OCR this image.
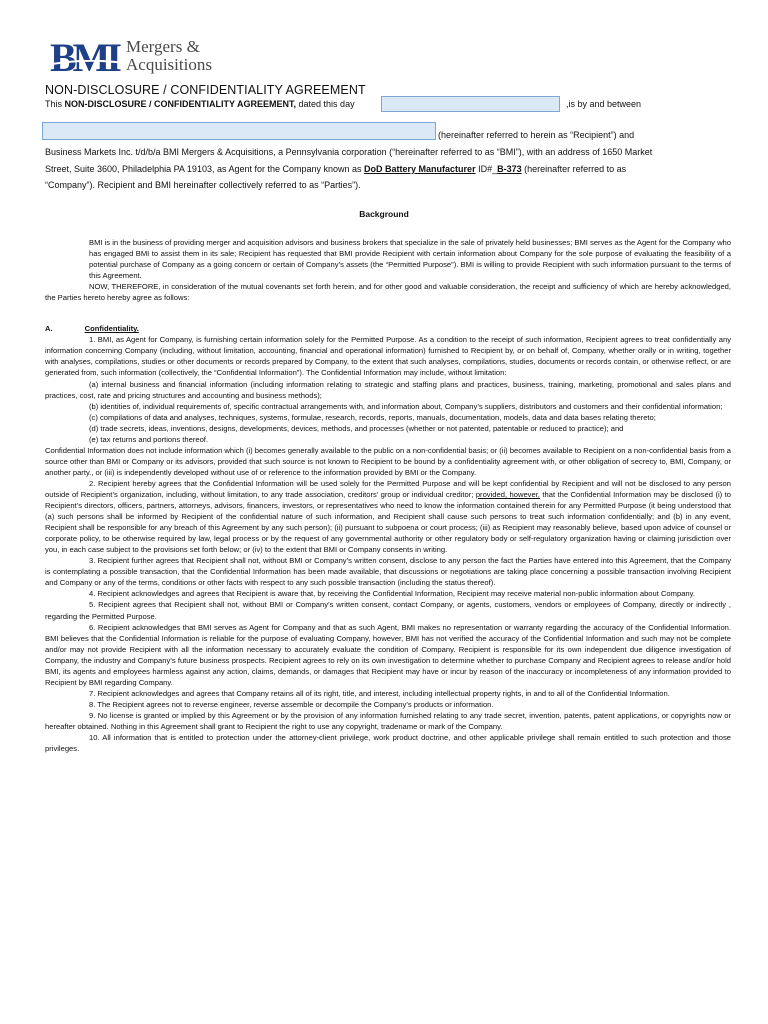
BMI Mergers &
Acquisitions
NON-DISCLOSURE / CONFIDENTIALITY AGREEMENT
This NON-DISCLOSURE / CONFIDENTIALITY AGREEMENT, dated this day	,is by and between
(hereinafter referred to herein as “Recipient”) and
Business Markets Inc. t/d/b/a BMI Mergers & Acquisitions, a Pennsylvania corporation (“hereinafter referred to as “BMI”), with an address of 1650 Market
Street, Suite 3600, Philadelphia PA 19103, as Agent for the Company known as DoD Battery Manufacturer ID#_B-373 (hereinafter referred to as
“Company”). Recipient and BMI hereinafter collectively referred to as “Parties”).
Background

BMI is in the business of providing merger and acquisition advisors and business brokers that specialize in the sale of privately held businesses; BMI serves as the Agent for the Company who has engaged BMI to assist them in its sale; Recipient has requested that BMI provide Recipient with certain information about Company for the sole purpose of evaluating the feasibility of a potential purchase of Company as a going concern or certain of Company’s assets (the “Permitted Purpose”). BMI is willing to provide Recipient with such information pursuant to the terms of this Agreement.

NOW, THEREFORE, in consideration of the mutual covenants set forth herein, and for other good and valuable consideration, the receipt and sufficiency of which are hereby acknowledged, the Parties hereto hereby agree as follows:

A.	Confidentiality.

1. BMI, as Agent for Company, is furnishing certain information solely for the Permitted Purpose. As a condition to the receipt of such information, Recipient agrees to treat confidentially any information concerning Company (including, without limitation, accounting, financial and operational information) furnished to Recipient by, or on behalf of, Company, whether orally or in writing, together with analyses, compilations, studies or other documents or records prepared by Company, to the extent that such analyses, compilations, studies, documents or records contain, or otherwise reflect, or are generated from, such information (collectively, the “Confidential Information”). The Confidential Information may include, without limitation:

(a) internal business and financial information (including information relating to strategic and staffing plans and practices, business, training, marketing, promotional and sales plans and practices, cost, rate and pricing structures and accounting and business methods);

(b) identities of, individual requirements of, specific contractual arrangements with, and information about, Company’s suppliers, distributors and customers and their confidential information;

(c) compilations of data and analyses, techniques, systems, formulae, research, records, reports, manuals, documentation, models, data and data bases relating thereto;

(d) trade secrets, ideas, inventions, designs, developments, devices, methods, and processes (whether or not patented, patentable or reduced to practice); and

(e) tax returns and portions thereof.

Confidential Information does not include information which (i) becomes generally available to the public on a non-confidential basis; or (ii) becomes available to Recipient on a non-confidential basis from a source other than BMI or Company or its advisors, provided that such source is not known to Recipient to be bound by a confidentiality agreement with, or other obligation of secrecy to, BMI, Company, or another party., or (iii) is independently developed without use of or reference to the information provided by BMI or the Company.

2. Recipient hereby agrees that the Confidential Information will be used solely for the Permitted Purpose and will be kept confidential by Recipient and will not be disclosed to any person outside of Recipient’s organization, including, without limitation, to any trade association, creditors’ group or individual creditor; provided, however, that the Confidential Information may be disclosed (i) to Recipient’s directors, officers, partners, attorneys, advisors, financers, investors, or representatives who need to know the information contained therein for any Permitted Purpose (it being understood that (a) such persons shall be informed by Recipient of the confidential nature of such information, and Recipient shall cause such persons to treat such information confidentially; and (b) in any event, Recipient shall be responsible for any breach of this Agreement by any such person); (ii) pursuant to subpoena or court process; (iii) as Recipient may reasonably believe, based upon advice of counsel or corporate policy, to be otherwise required by law, legal process or by the request of any governmental authority or other regulatory body or self-regulatory organization having or claiming jurisdiction over you, in each case subject to the provisions set forth below; or (iv) to the extent that BMI or Company consents in writing.

3. Recipient further agrees that Recipient shall not, without BMI or Company’s written consent, disclose to any person the fact the Parties have entered into this Agreement, that the Company is contemplating a possible transaction, that the Confidential Information has been made available, that discussions or negotiations are taking place concerning a possible transaction involving Recipient and Company or any of the terms, conditions or other facts with respect to any such possible transaction (including the status thereof).

4. Recipient acknowledges and agrees that Recipient is aware that, by receiving the Confidential Information, Recipient may receive material non-public information about Company.

5. Recipient agrees that Recipient shall not, without BMI or Company’s written consent, contact Company, or agents, customers, vendors or employees of Company, directly or indirectly , regarding the Permitted Purpose.

6. Recipient acknowledges that BMI serves as Agent for Company and that as such Agent, BMI makes no representation or warranty regarding the accuracy of the Confidential Information. BMI believes that the Confidential Information is reliable for the purpose of evaluating Company, however, BMI has not verified the accuracy of the Confidential Information and such may not be complete and/or may not provide Recipient with all the information necessary to accurately evaluate the condition of Company. Recipient is responsible for its own independent due diligence investigation of Company, the industry and Company’s future business prospects. Recipient agrees to rely on its own investigation to determine whether to purchase Company and Recipient agrees to release and/or hold BMI, its agents and employees harmless against any action, claims, demands, or damages that Recipient may have or incur by reason of the inaccuracy or incompleteness of any information provided to Recipient by BMI regarding Company.

7. Recipient acknowledges and agrees that Company retains all of its right, title, and interest, including intellectual property rights, in and to all of the Confidential Information.

8. The Recipient agrees not to reverse engineer, reverse assemble or decompile the Company’s products or information.

9. No license is granted or implied by this Agreement or by the provision of any information furnished relating to any trade secret, invention, patents, patent applications, or copyrights now or hereafter obtained. Nothing in this Agreement shall grant to Recipient the right to use any copyright, tradename or mark of the Company.

10. All information that is entitled to protection under the attorney-client privilege, work product doctrine, and other applicable privilege shall remain entitled to such protection and those privileges.
